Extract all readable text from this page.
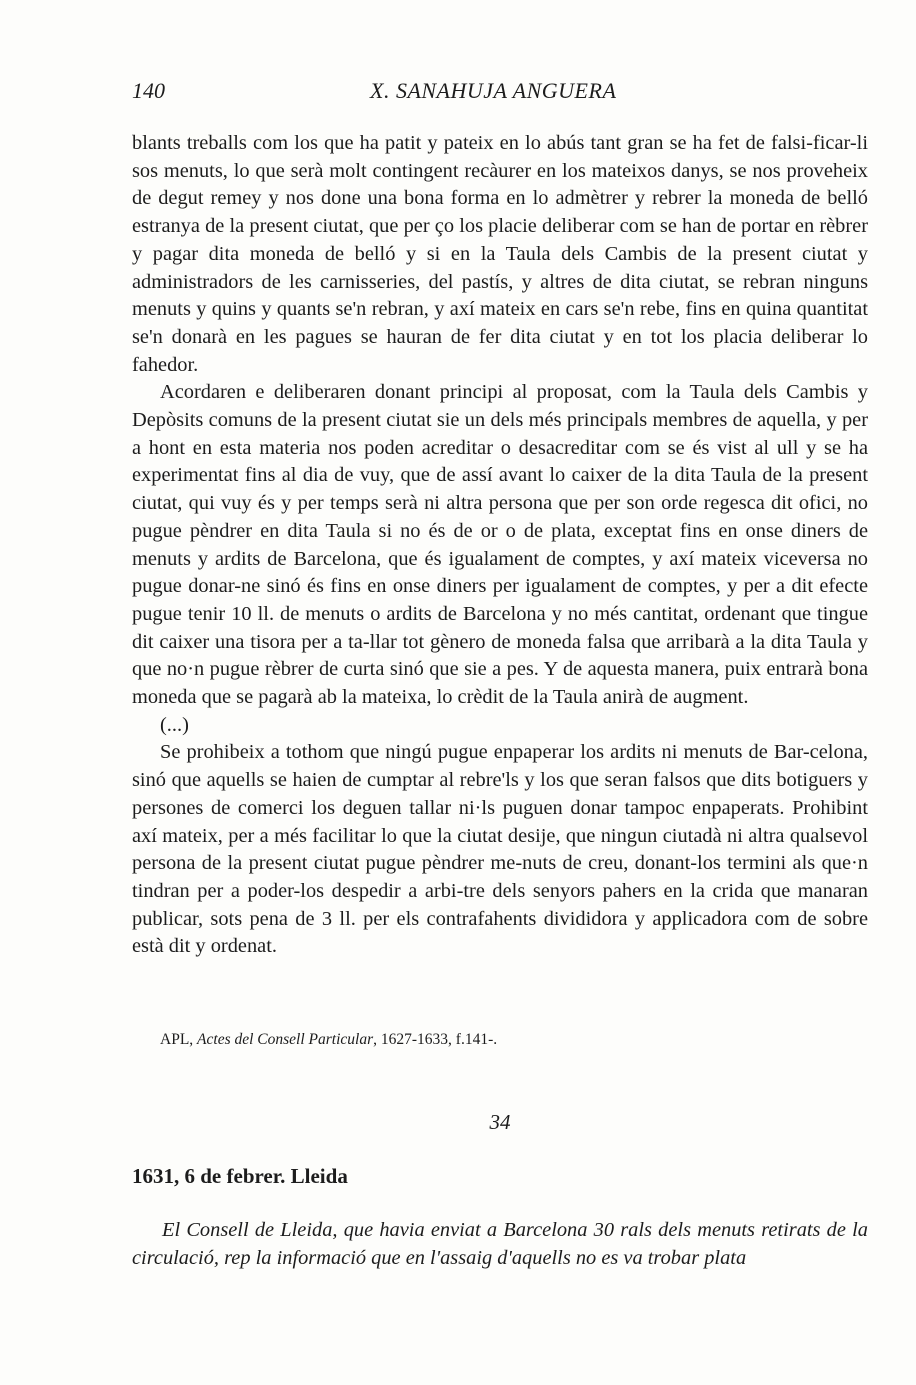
140	X. SANAHUJA ANGUERA

blants treballs com los que ha patit y pateix en lo abús tant gran se ha fet de falsi-ficar-li sos menuts, lo que serà molt contingent recàurer en los mateixos danys, se nos proveheix de degut remey y nos done una bona forma en lo admètrer y rebrer la moneda de belló estranya de la present ciutat, que per ço los placie deliberar com se han de portar en rèbrer y pagar dita moneda de belló y si en la Taula dels Cambis de la present ciutat y administradors de les carnisseries, del pastís, y altres de dita ciutat, se rebran ninguns menuts y quins y quants se'n rebran, y axí mateix en cars se'n rebe, fins en quina quantitat se'n donarà en les pagues se hauran de fer dita ciutat y en tot los placia deliberar lo fahedor.

Acordaren e deliberaren donant principi al proposat, com la Taula dels Cambis y Depòsits comuns de la present ciutat sie un dels més principals membres de aquella, y per a hont en esta materia nos poden acreditar o desacreditar com se és vist al ull y se ha experimentat fins al dia de vuy, que de assí avant lo caixer de la dita Taula de la present ciutat, qui vuy és y per temps serà ni altra persona que per son orde regesca dit ofici, no pugue pèndrer en dita Taula si no és de or o de plata, exceptat fins en onse diners de menuts y ardits de Barcelona, que és igualament de comptes, y axí mateix viceversa no pugue donar-ne sinó és fins en onse diners per igualament de comptes, y per a dit efecte pugue tenir 10 ll. de menuts o ardits de Barcelona y no més cantitat, ordenant que tingue dit caixer una tisora per a ta-llar tot gènero de moneda falsa que arribarà a la dita Taula y que no·n pugue rèbrer de curta sinó que sie a pes. Y de aquesta manera, puix entrarà bona moneda que se pagarà ab la mateixa, lo crèdit de la Taula anirà de augment.

(...)

Se prohibeix a tothom que ningú pugue enpaperar los ardits ni menuts de Bar-celona, sinó que aquells se haien de cumptar al rebre'ls y los que seran falsos que dits botiguers y persones de comerci los deguen tallar ni·ls puguen donar tampoc enpaperats. Prohibint axí mateix, per a més facilitar lo que la ciutat desije, que ningun ciutadà ni altra qualsevol persona de la present ciutat pugue pèndrer me-nuts de creu, donant-los termini als que·n tindran per a poder-los despedir a arbi-tre dels senyors pahers en la crida que manaran publicar, sots pena de 3 ll. per els contrafahents divididora y applicadora com de sobre està dit y ordenat.

APL, Actes del Consell Particular, 1627-1633, f.141-.
34
1631, 6 de febrer. Lleida

El Consell de Lleida, que havia enviat a Barcelona 30 rals dels menuts retirats de la circulació, rep la informació que en l'assaig d'aquells no es va trobar plata
